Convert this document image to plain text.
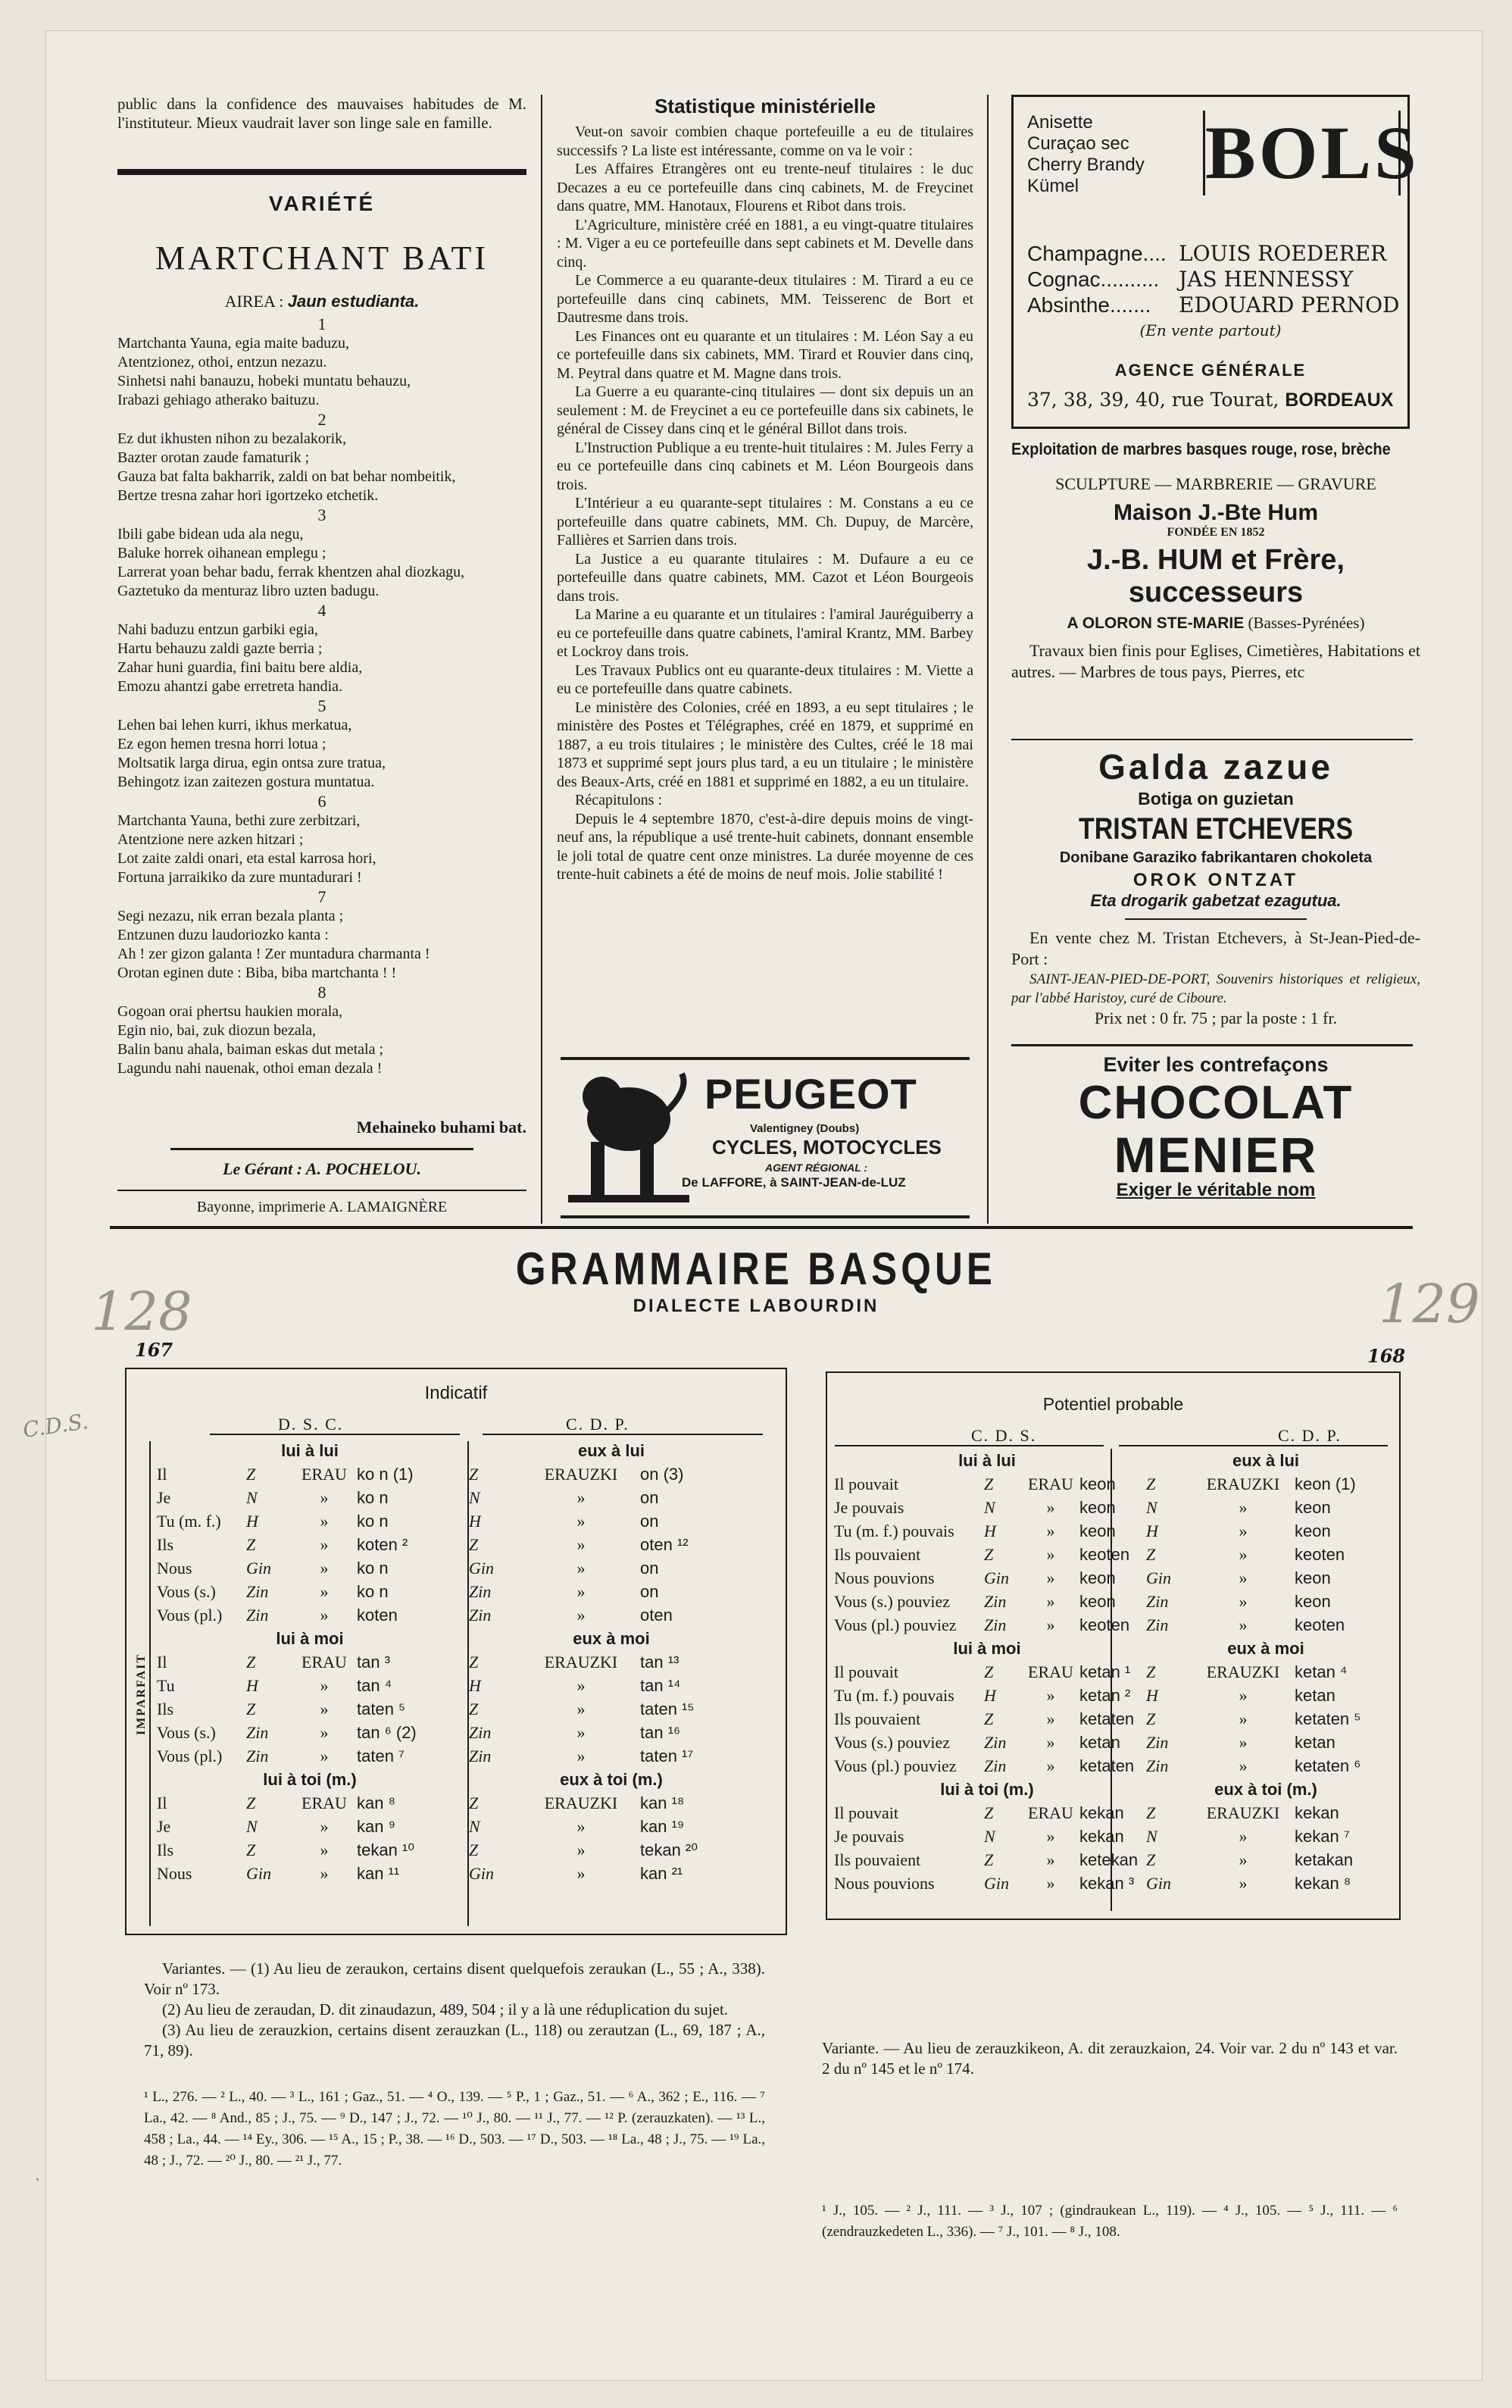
public dans la confidence des mauvaises habitudes de M. l'instituteur. Mieux vaudrait laver son linge sale en famille.

VARIÉTÉ
MARTCHANT BATI
AIREA : Jaun estudianta.
1

Martchanta Yauna, egia maite baduzu,

Atentzionez, othoi, entzun nezazu.

Sinhetsi nahi banauzu, hobeki muntatu behauzu,

Irabazi gehiago atherako baituzu.

2

Ez dut ikhusten nihon zu bezalakorik,

Bazter orotan zaude famaturik ;

Gauza bat falta bakharrik, zaldi on bat behar nombeitik,

Bertze tresna zahar hori igortzeko etchetik.

3

Ibili gabe bidean uda ala negu,

Baluke horrek oihanean emplegu ;

Larrerat yoan behar badu, ferrak khentzen ahal diozkagu,

Gaztetuko da menturaz libro uzten badugu.

4

Nahi baduzu entzun garbiki egia,

Hartu behauzu zaldi gazte berria ;

Zahar huni guardia, fini baitu bere aldia,

Emozu ahantzi gabe erretreta handia.

5

Lehen bai lehen kurri, ikhus merkatua,

Ez egon hemen tresna horri lotua ;

Moltsatik larga dirua, egin ontsa zure tratua,

Behingotz izan zaitezen gostura muntatua.

6

Martchanta Yauna, bethi zure zerbitzari,

Atentzione nere azken hitzari ;

Lot zaite zaldi onari, eta estal karrosa hori,

Fortuna jarraikiko da zure muntadurari !

7

Segi nezazu, nik erran bezala planta ;

Entzunen duzu laudoriozko kanta :

Ah ! zer gizon galanta ! Zer muntadura charmanta !

Orotan eginen dute : Biba, biba martchanta ! !

8

Gogoan orai phertsu haukien morala,

Egin nio, bai, zuk diozun bezala,

Balin banu ahala, baiman eskas dut metala ;

Lagundu nahi nauenak, othoi eman dezala !

Mehaineko buhami bat.
Le Gérant : A. POCHELOU.
Bayonne, imprimerie A. LAMAIGNÈRE
Statistique ministérielle

Veut-on savoir combien chaque portefeuille a eu de titulaires successifs ? La liste est intéressante, comme on va le voir :

Les Affaires Etrangères ont eu trente-neuf titulaires : le duc Decazes a eu ce portefeuille dans cinq cabinets, M. de Freycinet dans quatre, MM. Hanotaux, Flourens et Ribot dans trois.

L'Agriculture, ministère créé en 1881, a eu vingt-quatre titulaires : M. Viger a eu ce portefeuille dans sept cabinets et M. Develle dans cinq.

Le Commerce a eu quarante-deux titulaires : M. Tirard a eu ce portefeuille dans cinq cabinets, MM. Teisserenc de Bort et Dautresme dans trois.

Les Finances ont eu quarante et un titulaires : M. Léon Say a eu ce portefeuille dans six cabinets, MM. Tirard et Rouvier dans cinq, M. Peytral dans quatre et M. Magne dans trois.

La Guerre a eu quarante-cinq titulaires — dont six depuis un an seulement : M. de Freycinet a eu ce portefeuille dans six cabinets, le général de Cissey dans cinq et le général Billot dans trois.

L'Instruction Publique a eu trente-huit titulaires : M. Jules Ferry a eu ce portefeuille dans cinq cabinets et M. Léon Bourgeois dans trois.

L'Intérieur a eu quarante-sept titulaires : M. Constans a eu ce portefeuille dans quatre cabinets, MM. Ch. Dupuy, de Marcère, Fallières et Sarrien dans trois.

La Justice a eu quarante titulaires : M. Dufaure a eu ce portefeuille dans quatre cabinets, MM. Cazot et Léon Bourgeois dans trois.

La Marine a eu quarante et un titulaires : l'amiral Jauréguiberry a eu ce portefeuille dans quatre cabinets, l'amiral Krantz, MM. Barbey et Lockroy dans trois.

Les Travaux Publics ont eu quarante-deux titulaires : M. Viette a eu ce portefeuille dans quatre cabinets.

Le ministère des Colonies, créé en 1893, a eu sept titulaires ; le ministère des Postes et Télégraphes, créé en 1879, et supprimé en 1887, a eu trois titulaires ; le ministère des Cultes, créé le 18 mai 1873 et supprimé sept jours plus tard, a eu un titulaire ; le ministère des Beaux-Arts, créé en 1881 et supprimé en 1882, a eu un titulaire.

Récapitulons :

Depuis le 4 septembre 1870, c'est-à-dire depuis moins de vingt-neuf ans, la république a usé trente-huit cabinets, donnant ensemble le joli total de quatre cent onze ministres. La durée moyenne de ces trente-huit cabinets a été de moins de neuf mois. Jolie stabilité !

PEUGEOT
Valentigney (Doubs)
CYCLES, MOTOCYCLES
AGENT RÉGIONAL :
De LAFFORE, à SAINT-JEAN-de-LUZ
Anisette
Curaçao sec
Cherry Brandy
Kümel	BOLS
Champagne.... LOUIS ROEDERER
Cognac.......... JAS HENNESSY
Absinthe....... EDOUARD PERNOD
(En vente partout)
AGENCE GÉNÉRALE
37, 38, 39, 40, rue Tourat, BORDEAUX
Exploitation de marbres basques rouge, rose, brèche
SCULPTURE — MARBRERIE — GRAVURE
Maison J.-Bte Hum
FONDÉE EN 1852
J.-B. HUM et Frère, successeurs
A OLORON STE-MARIE (Basses-Pyrénées)

Travaux bien finis pour Eglises, Cimetières, Habitations et autres. — Marbres de tous pays, Pierres, etc

Galda zazue
Botiga on guzietan
TRISTAN ETCHEVERS
Donibane Garaziko fabrikantaren chokoleta
OROK ONTZAT
Eta drogarik gabetzat ezagutua.

En vente chez M. Tristan Etchevers, à St-Jean-Pied-de-Port :

SAINT-JEAN-PIED-DE-PORT, Souvenirs historiques et religieux, par l'abbé Haristoy, curé de Ciboure.

Prix net : 0 fr. 75 ; par la poste : 1 fr.

Eviter les contrefaçons
CHOCOLAT
MENIER
Exiger le véritable nom
GRAMMAIRE BASQUE
DIALECTE LABOURDIN
128	129
C.D.S.
167	168
Indicatif
D. S. C.	C. D. P.
IMPARFAIT
lui à lui				eux à lui		
Il	Z	ERAU	ko n (1)	Z	ERAUZKI	on (3)
Je	N	»	ko n	N	»	on
Tu (m. f.)	H	»	ko n	H	»	on
Ils	Z	»	koten ²	Z	»	oten ¹²
Nous	Gin	»	ko n	Gin	»	on
Vous (s.)	Zin	»	ko n	Zin	»	on
Vous (pl.)	Zin	»	koten	Zin	»	oten
lui à moi				eux à moi		
Il	Z	ERAU	tan ³	Z	ERAUZKI	tan ¹³
Tu	H	»	tan ⁴	H	»	tan ¹⁴
Ils	Z	»	taten ⁵	Z	»	taten ¹⁵
Vous (s.)	Zin	»	tan ⁶ (2)	Zin	»	tan ¹⁶
Vous (pl.)	Zin	»	taten ⁷	Zin	»	taten ¹⁷
lui à toi (m.)				eux à toi (m.)		
Il	Z	ERAU	kan ⁸	Z	ERAUZKI	kan ¹⁸
Je	N	»	kan ⁹	N	»	kan ¹⁹
Ils	Z	»	tekan ¹⁰	Z	»	tekan ²⁰
Nous	Gin	»	kan ¹¹	Gin	»	kan ²¹
Potentiel probable
C. D. S.	C. D. P.
lui à lui				eux à lui		
Il pouvait	Z	ERAU	keon	Z	ERAUZKI	keon (1)
Je pouvais	N	»	keon	N	»	keon
Tu (m. f.) pouvais	H	»	keon	H	»	keon
Ils pouvaient	Z	»	keoten	Z	»	keoten
Nous pouvions	Gin	»	keon	Gin	»	keon
Vous (s.) pouviez	Zin	»	keon	Zin	»	keon
Vous (pl.) pouviez	Zin	»	keoten	Zin	»	keoten
lui à moi				eux à moi		
Il pouvait	Z	ERAU	ketan ¹	Z	ERAUZKI	ketan ⁴
Tu (m. f.) pouvais	H	»	ketan ²	H	»	ketan
Ils pouvaient	Z	»	ketaten	Z	»	ketaten ⁵
Vous (s.) pouviez	Zin	»	ketan	Zin	»	ketan
Vous (pl.) pouviez	Zin	»	ketaten	Zin	»	ketaten ⁶
lui à toi (m.)				eux à toi (m.)		
Il pouvait	Z	ERAU	kekan	Z	ERAUZKI	kekan
Je pouvais	N	»	kekan	N	»	kekan ⁷
Ils pouvaient	Z	»	ketekan	Z	»	ketakan
Nous pouvions	Gin	»	kekan ³	Gin	»	kekan ⁸

Variantes. — (1) Au lieu de zeraukon, certains disent quelquefois zeraukan (L., 55 ; A., 338). Voir nº 173.

(2) Au lieu de zeraudan, D. dit zinaudazun, 489, 504 ; il y a là une réduplication du sujet.

(3) Au lieu de zerauzkion, certains disent zerauzkan (L., 118) ou zerautzan (L., 69, 187 ; A., 71, 89).

¹ L., 276. — ² L., 40. — ³ L., 161 ; Gaz., 51. — ⁴ O., 139. — ⁵ P., 1 ; Gaz., 51. — ⁶ A., 362 ; E., 116. — ⁷ La., 42. — ⁸ And., 85 ; J., 75. — ⁹ D., 147 ; J., 72. — ¹⁰ J., 80. — ¹¹ J., 77. — ¹² P. (zerauzkaten). — ¹³ L., 458 ; La., 44. — ¹⁴ Ey., 306. — ¹⁵ A., 15 ; P., 38. — ¹⁶ D., 503. — ¹⁷ D., 503. — ¹⁸ La., 48 ; J., 75. — ¹⁹ La., 48 ; J., 72. — ²⁰ J., 80. — ²¹ J., 77.

Variante. — Au lieu de zerauzkikeon, A. dit zerauzkaion, 24. Voir var. 2 du nº 143 et var. 2 du nº 145 et le nº 174.

¹ J., 105. — ² J., 111. — ³ J., 107 ; (gindraukean L., 119). — ⁴ J., 105. — ⁵ J., 111. — ⁶ (zendrauzkedeten L., 336). — ⁷ J., 101. — ⁸ J., 108.

ᐧ
